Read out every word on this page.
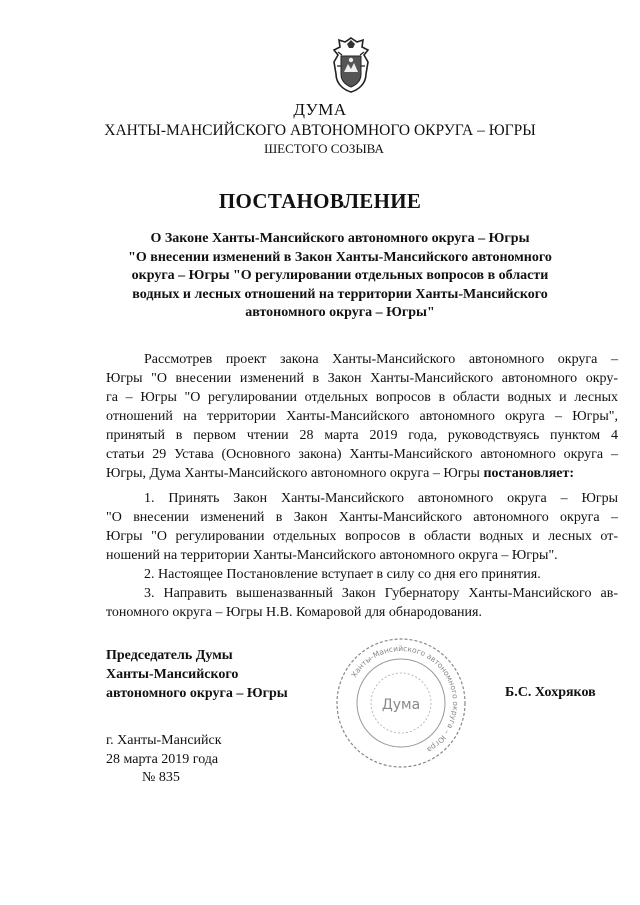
ДУМА
ХАНТЫ-МАНСИЙСКОГО АВТОНОМНОГО ОКРУГА – ЮГРЫ
ШЕСТОГО СОЗЫВА
ПОСТАНОВЛЕНИЕ
О Законе Ханты-Мансийского автономного округа – Югры
"О внесении изменений в Закон Ханты-Мансийского автономного
округа – Югры "О регулировании отдельных вопросов в области
водных и лесных отношений на территории Ханты-Мансийского
автономного округа – Югры"
Рассмотрев проект закона Ханты-Мансийского автономного округа –
Югры "О внесении изменений в Закон Ханты-Мансийского автономного окру-
га – Югры "О регулировании отдельных вопросов в области водных и лесных
отношений на территории Ханты-Мансийского автономного округа – Югры",
принятый в первом чтении 28 марта 2019 года, руководствуясь пунктом 4
статьи 29 Устава (Основного закона) Ханты-Мансийского автономного округа –
Югры, Дума Ханты-Мансийского автономного округа – Югры постановляет:
1. Принять Закон Ханты-Мансийского автономного округа – Югры
"О внесении изменений в Закон Ханты-Мансийского автономного округа –
Югры "О регулировании отдельных вопросов в области водных и лесных от-
ношений на территории Ханты-Мансийского автономного округа – Югры".
2. Настоящее Постановление вступает в силу со дня его принятия.
3. Направить вышеназванный Закон Губернатору Ханты-Мансийского ав-
тономного округа – Югры Н.В. Комаровой для обнародования.
Председатель Думы
Ханты-Мансийского
автономного округа – Югры
Ханты-Мансийского автономного округа – Югра
Дума
Б.С. Хохряков
г. Ханты-Мансийск
28 марта 2019 года
№ 835
